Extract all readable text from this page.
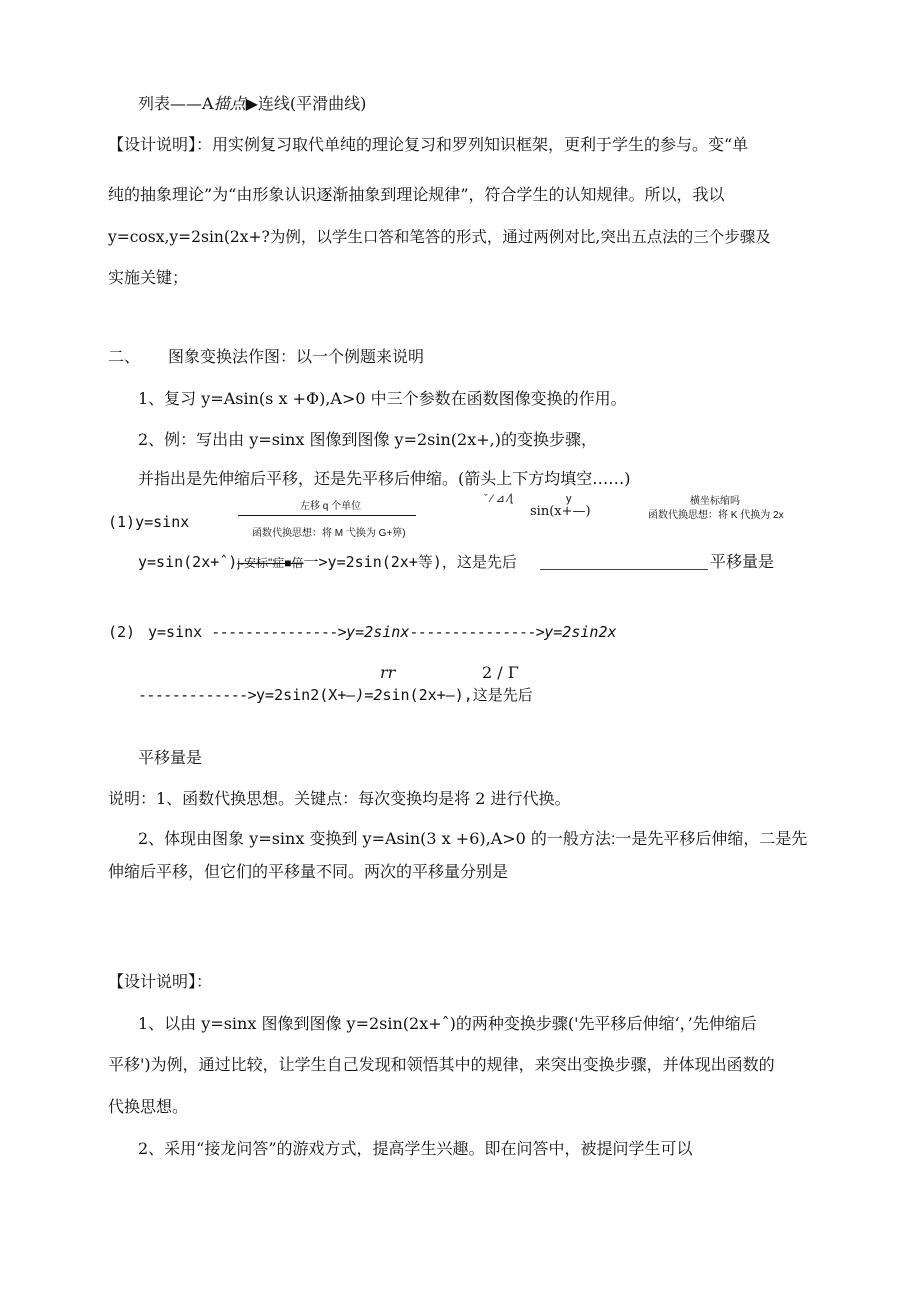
列表——A描点▶连线(平滑曲线)
【设计说明】：用实例复习取代单纯的理论复习和罗列知识框架，更利于学生的参与。变“单
纯的抽象理论”为“由形象认识逐渐抽象到理论规律”，符合学生的认知规律。所以，我以
y=cosx,y=2sin(2x+?为例，以学生口答和笔答的形式，通过两例对比,突出五点法的三个步骤及
实施关键；
二、 图象变换法作图：以一个例题来说明
1、复习 y=Asin(s x +Φ),A>0 中三个参数在函数图像变换的作用。
2、例：写出由 y=sinx 图像到图像 y=2sin(2x+,)的变换步骤，
并指出是先伸缩后平移，还是先平移后伸缩。(箭头上下方均填空……)
(1)y=sinx
左移 q 个单位
函数代换思想：将 M 弋换为 G+箅)
ˇ ⁄ ⊿ ∕⌊	y
sin(x+—)
横坐标缩吗
函数代换思想：将 K 代换为 2x
y=sin(2x+ˆ)j-安标"症■倍一>y=2sin(2x+等)，这是先后	平移量是
(2) y=sinx --------------->y=2sinx--------------->y=2sin2x
rr	2 / Γ
------------->y=2sin2(X+—)=2sin(2x+—),这是先后
平移量是
说明：1、函数代换思想。关键点：每次变换均是将 2 进行代换。
2、体现由图象 y=sinx 变换到 y=Asin(3 x +6),A>0 的一般方法:一是先平移后伸缩，二是先
伸缩后平移，但它们的平移量不同。两次的平移量分别是
【设计说明】：
1、以由 y=sinx 图像到图像 y=2sin(2x+ˆ)的两种变换步骤('先平移后伸缩‘，’先伸缩后
平移')为例，通过比较，让学生自己发现和领悟其中的规律，来突出变换步骤，并体现出函数的
代换思想。
2、采用“接龙问答”的游戏方式，提高学生兴趣。即在问答中，被提问学生可以
